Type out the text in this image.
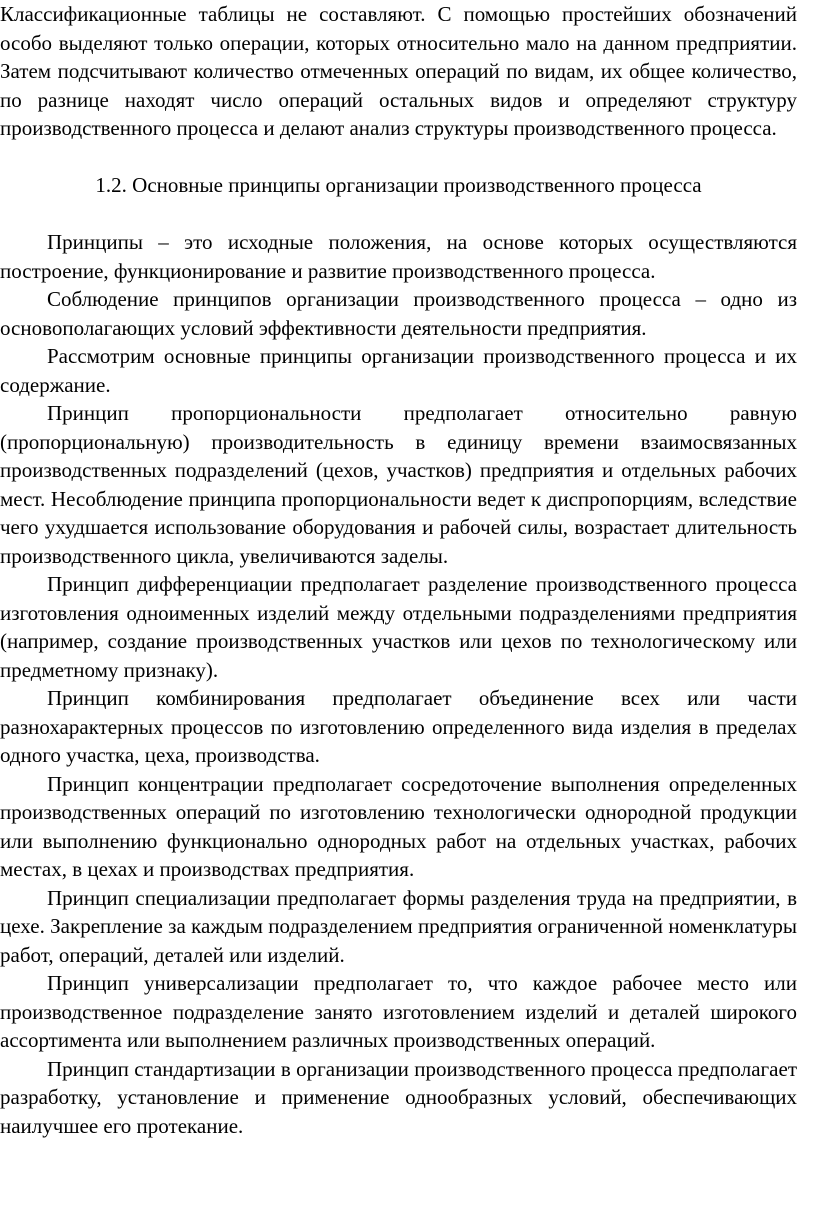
Классификационные таблицы не составляют. С помощью простейших обозначений особо выделяют только операции, которых относительно мало на данном предприятии. Затем подсчитывают количество отмеченных операций по видам, их общее количество, по разнице находят число операций остальных видов и определяют структуру производственного процесса и делают анализ структуры производственного процесса.

1.2. Основные принципы организации производственного процесса

Принципы – это исходные положения, на основе которых осуществляются построение, функционирование и развитие производственного процесса.

Соблюдение принципов организации производственного процесса – одно из основополагающих условий эффективности деятельности предприятия.

Рассмотрим основные принципы организации производственного процесса и их содержание.

Принцип пропорциональности предполагает относительно равную (пропорциональную) производительность в единицу времени взаимосвязанных производственных подразделений (цехов, участков) предприятия и отдельных рабочих мест. Несоблюдение принципа пропорциональности ведет к диспропорциям, вследствие чего ухудшается использование оборудования и рабочей силы, возрастает длительность производственного цикла, увеличиваются заделы.

Принцип дифференциации предполагает разделение производственного процесса изготовления одноименных изделий между отдельными подразделениями предприятия (например, создание производственных участков или цехов по технологическому или предметному признаку).

Принцип комбинирования предполагает объединение всех или части разнохарактерных процессов по изготовлению определенного вида изделия в пределах одного участка, цеха, производства.

Принцип концентрации предполагает сосредоточение выполнения определенных производственных операций по изготовлению технологически однородной продукции или выполнению функционально однородных работ на отдельных участках, рабочих местах, в цехах и производствах предприятия.

Принцип специализации предполагает формы разделения труда на предприятии, в цехе. Закрепление за каждым подразделением предприятия ограниченной номенклатуры работ, операций, деталей или изделий.

Принцип универсализации предполагает то, что каждое рабочее место или производственное подразделение занято изготовлением изделий и деталей широкого ассортимента или выполнением различных производственных операций.

Принцип стандартизации в организации производственного процесса предполагает разработку, установление и применение однообразных условий, обеспечивающих наилучшее его протекание.
